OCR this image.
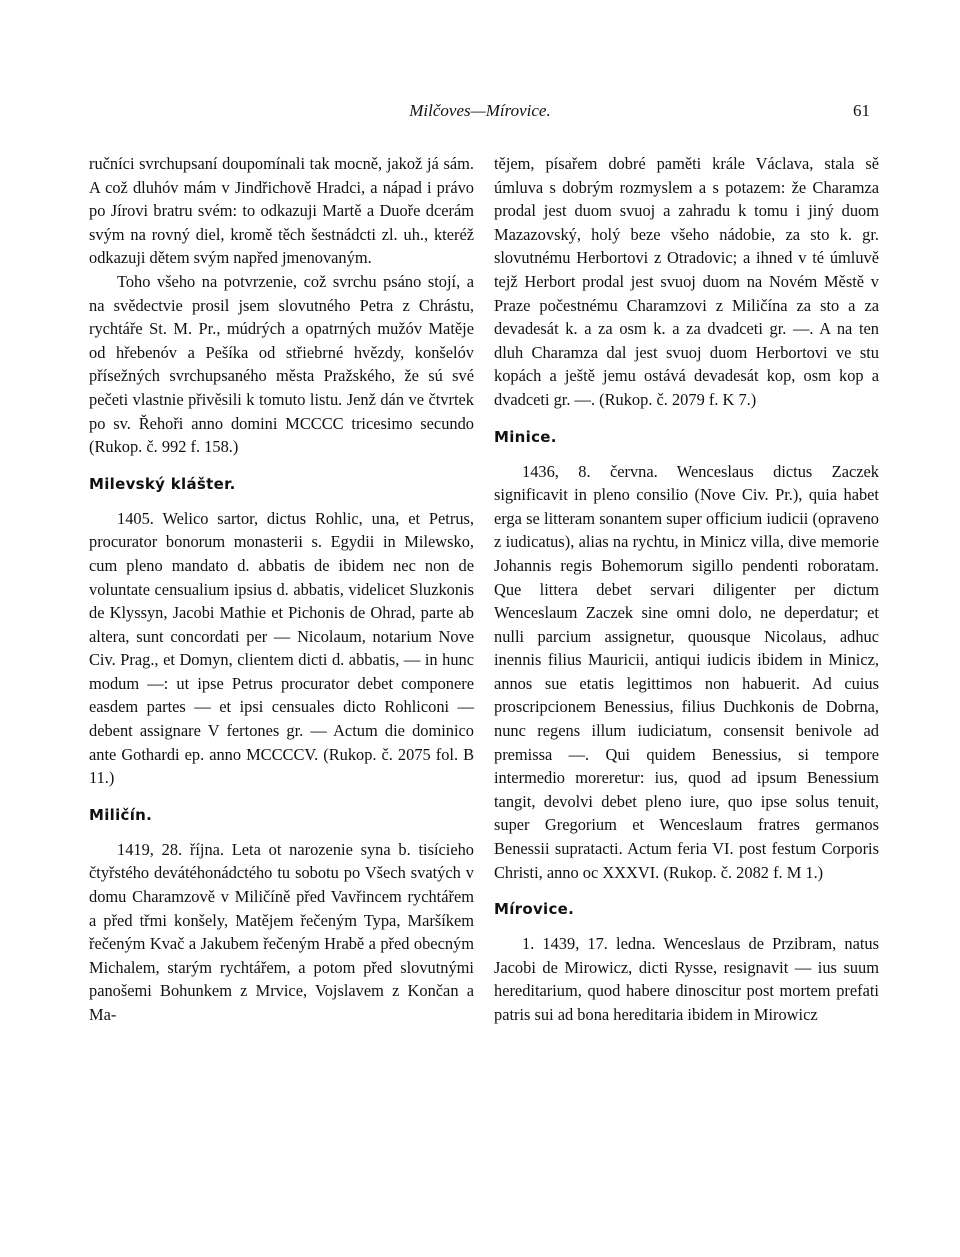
Milčoves—Mírovice.	61

ručníci svrchupsaní doupomínali tak mocně, jakož já sám. A což dluhóv mám v Jindřichově Hradci, a nápad i právo po Jírovi bratru svém: to odkazuji Martě a Duoře dcerám svým na rovný diel, kromě těch šestnádcti zl. uh., kteréž odkazuji dětem svým napřed jmenovaným.

Toho všeho na potvrzenie, což svrchu psáno stojí, a na svědectvie prosil jsem slovutného Petra z Chrástu, rychtáře St. M. Pr., múdrých a opatrných mužóv Matěje od hřebenóv a Pešíka od střiebrné hvězdy, konšelóv přísežných svrchupsaného města Pražského, že sú své pečeti vlastnie přivěsili k tomuto listu. Jenž dán ve čtvrtek po sv. Řehoři anno domini MCCCC tricesimo secundo (Rukop. č. 992 f. 158.)

Milevský klášter.

1405. Welico sartor, dictus Rohlic, una, et Petrus, procurator bonorum monasterii s. Egydii in Milewsko, cum pleno mandato d. abbatis de ibidem nec non de voluntate censualium ipsius d. abbatis, videlicet Sluzkonis de Klyssyn, Jacobi Mathie et Pichonis de Ohrad, parte ab altera, sunt concordati per — Nicolaum, notarium Nove Civ. Prag., et Domyn, clientem dicti d. abbatis, — in hunc modum —: ut ipse Petrus procurator debet componere easdem partes — et ipsi censuales dicto Rohliconi — debent assignare V fertones gr. — Actum die dominico ante Gothardi ep. anno MCCCCV. (Rukop. č. 2075 fol. B 11.)

Miličín.

1419, 28. října. Leta ot narozenie syna b. tisícieho čtyřstého devátéhonádctého tu sobotu po Všech svatých v domu Charamzově v Miličíně před Vavřincem rychtářem a před třmi konšely, Matějem řečeným Typa, Maršíkem řečeným Kvač a Jakubem řečeným Hrabě a před obecným Michalem, starým rychtářem, a potom před slovutnými panošemi Bohunkem z Mrvice, Vojslavem z Končan a Ma-

tějem, písařem dobré paměti krále Václava, stala sě úmluva s dobrým rozmyslem a s potazem: že Charamza prodal jest duom svuoj a zahradu k tomu i jiný duom Mazazovský, holý beze všeho nádobie, za sto k. gr. slovutnému Herbortovi z Otradovic; a ihned v té úmluvě tejž Herbort prodal jest svuoj duom na Novém Městě v Praze počestnému Charamzovi z Miličína za sto a za devadesát k. a za osm k. a za dvadceti gr. —. A na ten dluh Charamza dal jest svuoj duom Herbortovi ve stu kopách a ještě jemu ostává devadesát kop, osm kop a dvadceti gr. —. (Rukop. č. 2079 f. K 7.)

Minice.

1436, 8. června. Wenceslaus dictus Zaczek significavit in pleno consilio (Nove Civ. Pr.), quia habet erga se litteram sonantem super officium iudicii (opraveno z iudicatus), alias na rychtu, in Minicz villa, dive memorie Johannis regis Bohemorum sigillo pendenti roboratam. Que littera debet servari diligenter per dictum Wenceslaum Zaczek sine omni dolo, ne deperdatur; et nulli parcium assignetur, quousque Nicolaus, adhuc inennis filius Mauricii, antiqui iudicis ibidem in Minicz, annos sue etatis legittimos non habuerit. Ad cuius proscripcionem Benessius, filius Duchkonis de Dobrna, nunc regens illum iudiciatum, consensit benivole ad premissa —. Qui quidem Benessius, si tempore intermedio moreretur: ius, quod ad ipsum Benessium tangit, devolvi debet pleno iure, quo ipse solus tenuit, super Gregorium et Wenceslaum fratres germanos Benessii supratacti. Actum feria VI. post festum Corporis Christi, anno oc XXXVI. (Rukop. č. 2082 f. M 1.)

Mírovice.

1. 1439, 17. ledna. Wenceslaus de Przibram, natus Jacobi de Mirowicz, dicti Rysse, resignavit — ius suum hereditarium, quod habere dinoscitur post mortem prefati patris sui ad bona hereditaria ibidem in Mirowicz
